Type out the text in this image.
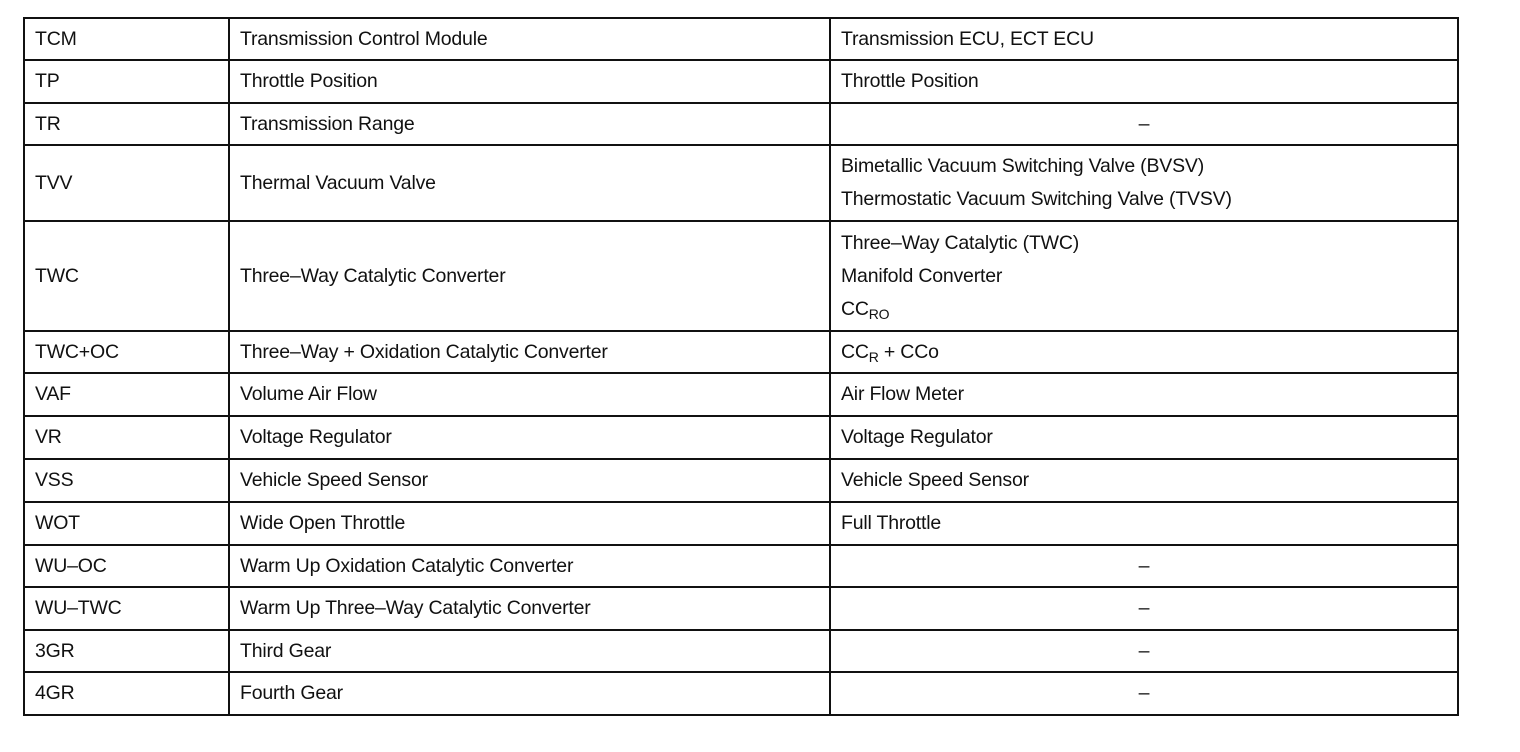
TCM	Transmission Control Module	Transmission ECU, ECT ECU
TP	Throttle Position	Throttle Position
TR	Transmission Range	–
TVV	Thermal Vacuum Valve	Bimetallic Vacuum Switching Valve (BVSV)
Thermostatic Vacuum Switching Valve (TVSV)

TWC	Three–Way Catalytic Converter	Three–Way Catalytic (TWC)
Manifold Converter
$CC_{RO}$

TWC+OC	Three–Way + Oxidation Catalytic Converter	$CC_R$ + CCo
VAF	Volume Air Flow	Air Flow Meter
VR	Voltage Regulator	Voltage Regulator
VSS	Vehicle Speed Sensor	Vehicle Speed Sensor
WOT	Wide Open Throttle	Full Throttle
WU–OC	Warm Up Oxidation Catalytic Converter	–
WU–TWC	Warm Up Three–Way Catalytic Converter	–
3GR	Third Gear	–
4GR	Fourth Gear	–
